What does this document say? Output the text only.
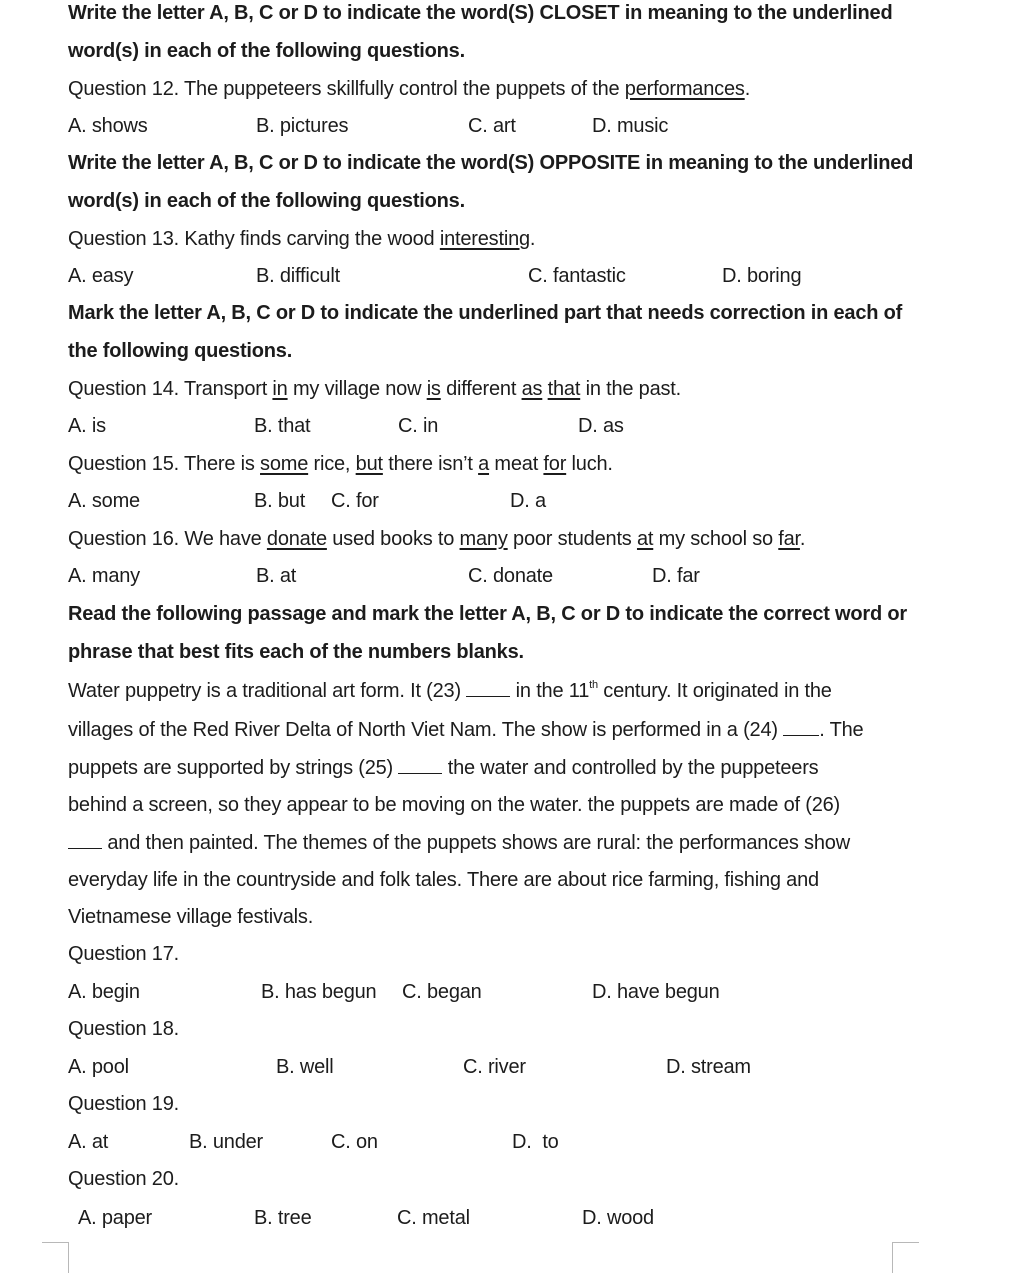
Write the letter A, B, C or D to indicate the word(S) CLOSET in meaning to the underlined
word(s) in each of the following questions.
Question 12. The puppeteers skillfully control the puppets of the performances.
A. shows	B. pictures	C. art	D. music
Write the letter A, B, C or D to indicate the word(S) OPPOSITE in meaning to the underlined
word(s) in each of the following questions.
Question 13. Kathy finds carving the wood interesting.
A. easy	B. difficult	C. fantastic	D. boring
Mark the letter A, B, C or D to indicate the underlined part that needs correction in each of
the following questions.
Question 14. Transport in my village now is different as that in the past.
A. is	B. that	C. in	D. as
Question 15. There is some rice, but there isn’t a meat for luch.
A. some	B. but C. for	D. a
Question 16. We have donate used books to many poor students at my school so far.
A. many	B. at	C. donate	D. far
Read the following passage and mark the letter A, B, C or D to indicate the correct word or
phrase that best fits each of the numbers blanks.
Water puppetry is a traditional art form. It (23)	in the 11th century. It originated in the
villages of the Red River Delta of North Viet Nam. The show is performed in a (24) . The
puppets are supported by strings (25)	the water and controlled by the puppeteers
behind a screen, so they appear to be moving on the water. the puppets are made of (26)
and then painted. The themes of the puppets shows are rural: the performances show
everyday life in the countryside and folk tales. There are about rice farming, fishing and
Vietnamese village festivals.
Question 17.
A. begin	B. has begun C. began	D. have begun
Question 18.
A. pool	B. well	C. river	D. stream
Question 19.
A. at	B. under	C. on	D. to
Question 20.
A. paper	B. tree	C. metal	D. wood
